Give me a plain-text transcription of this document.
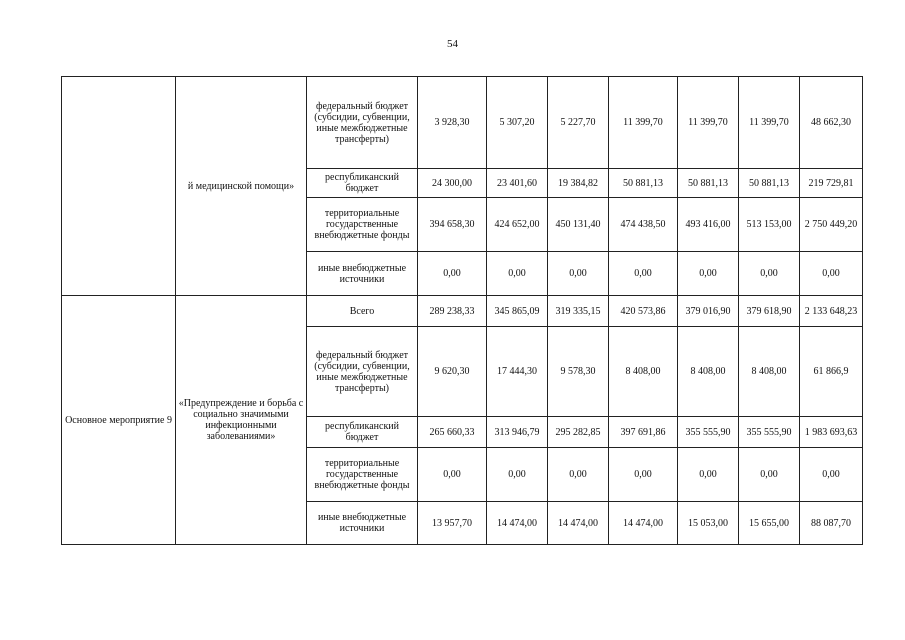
54
	й медицинской помощи»	федеральный бюджет (субсидии, субвенции, иные межбюджетные трансферты)	3 928,30	5 307,20	5 227,70	11 399,70	11 399,70	11 399,70	48 662,30
		республиканский бюджет	24 300,00	23 401,60	19 384,82	50 881,13	50 881,13	50 881,13	219 729,81
		территориальные государственные внебюджетные фонды	394 658,30	424 652,00	450 131,40	474 438,50	493 416,00	513 153,00	2 750 449,20
		иные внебюджетные источники	0,00	0,00	0,00	0,00	0,00	0,00	0,00
Основное мероприятие 9	«Предупреждение и борьба с социально значимыми инфекционными заболеваниями»	Всего	289 238,33	345 865,09	319 335,15	420 573,86	379 016,90	379 618,90	2 133 648,23
		федеральный бюджет (субсидии, субвенции, иные межбюджетные трансферты)	9 620,30	17 444,30	9 578,30	8 408,00	8 408,00	8 408,00	61 866,9
		республиканский бюджет	265 660,33	313 946,79	295 282,85	397 691,86	355 555,90	355 555,90	1 983 693,63
		территориальные государственные внебюджетные фонды	0,00	0,00	0,00	0,00	0,00	0,00	0,00
		иные внебюджетные источники	13 957,70	14 474,00	14 474,00	14 474,00	15 053,00	15 655,00	88 087,70
